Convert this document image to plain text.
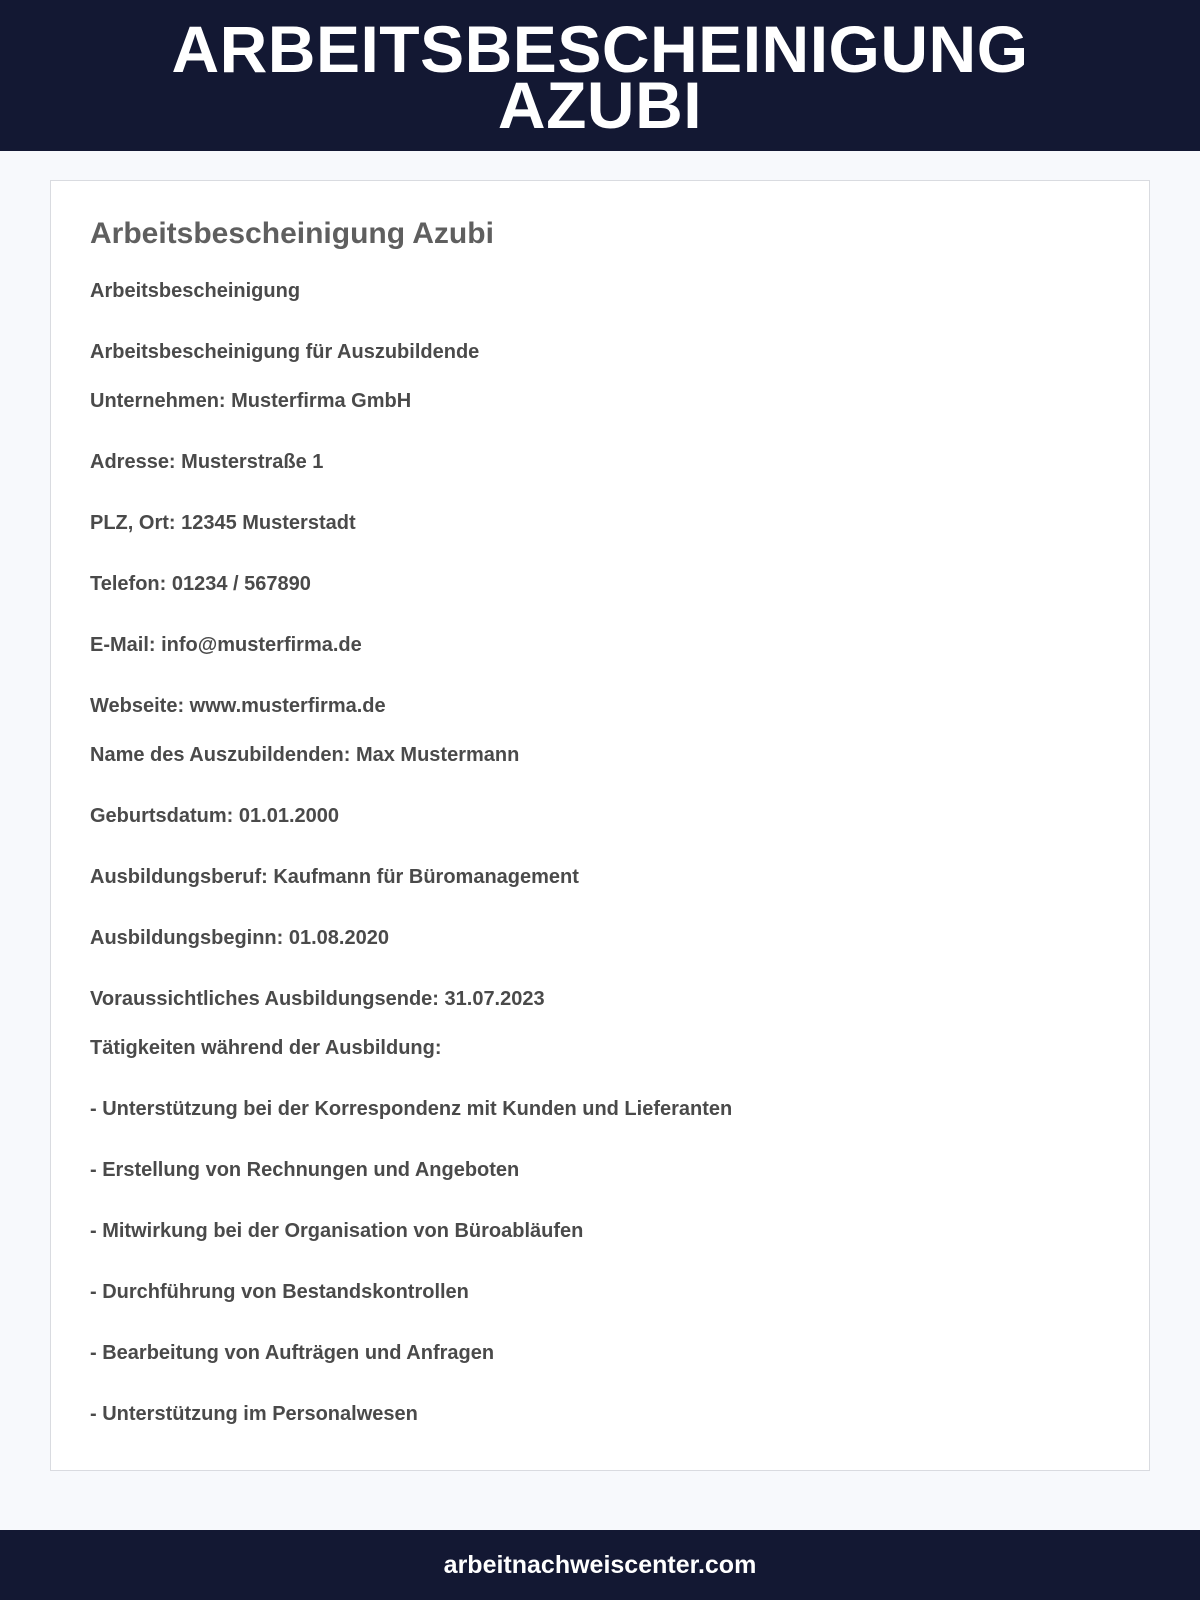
ARBEITSBESCHEINIGUNG
AZUBI
Arbeitsbescheinigung Azubi
Arbeitsbescheinigung
Arbeitsbescheinigung für Auszubildende
Unternehmen: Musterfirma GmbH
Adresse: Musterstraße 1
PLZ, Ort: 12345 Musterstadt
Telefon: 01234 / 567890
E-Mail: info@musterfirma.de
Webseite: www.musterfirma.de
Name des Auszubildenden: Max Mustermann
Geburtsdatum: 01.01.2000
Ausbildungsberuf: Kaufmann für Büromanagement
Ausbildungsbeginn: 01.08.2020
Voraussichtliches Ausbildungsende: 31.07.2023
Tätigkeiten während der Ausbildung:
- Unterstützung bei der Korrespondenz mit Kunden und Lieferanten
- Erstellung von Rechnungen und Angeboten
- Mitwirkung bei der Organisation von Büroabläufen
- Durchführung von Bestandskontrollen
- Bearbeitung von Aufträgen und Anfragen
- Unterstützung im Personalwesen
arbeitnachweiscenter.com
